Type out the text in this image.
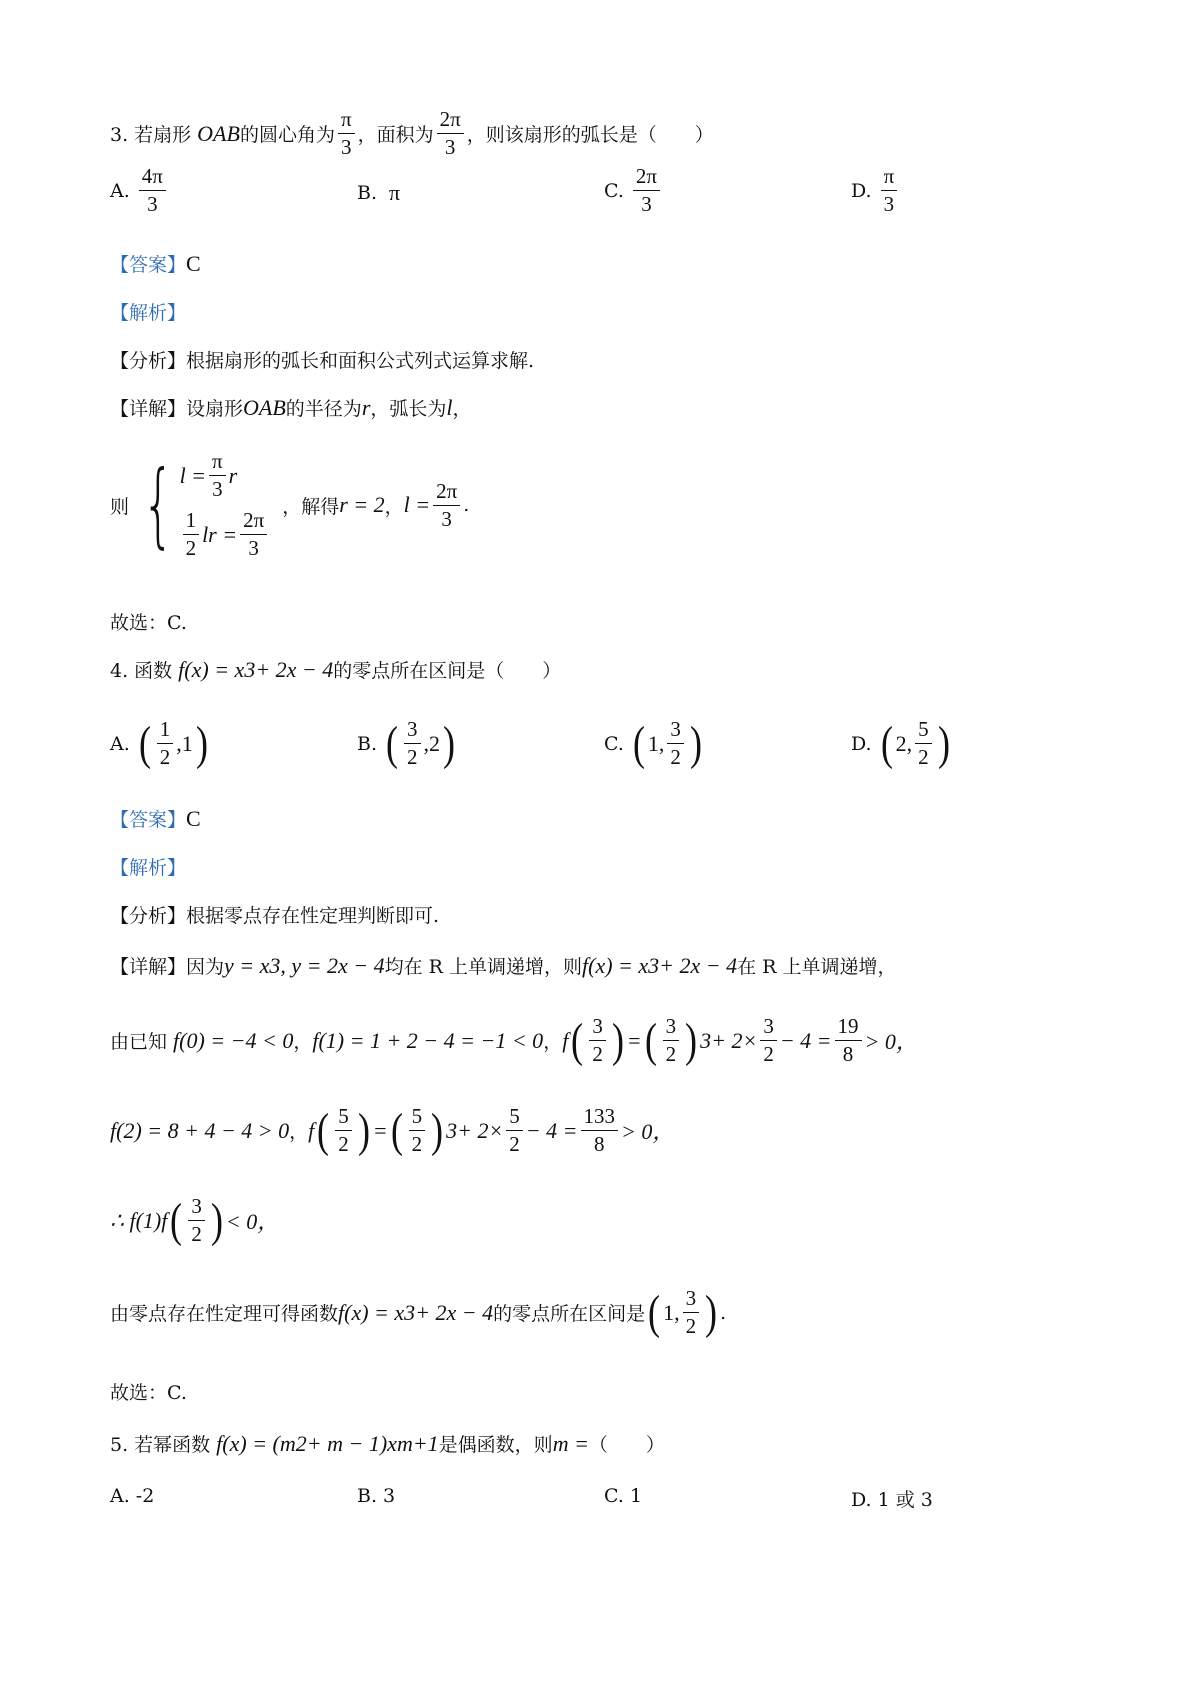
3. 若扇形 OAB 的圆心角为 $\frac{\pi}{3}$ ，面积为 $\frac{2\pi}{3}$ ，则该扇形的弧长是（　　）
A. $\frac{4\pi}{3}$	B. π	C. $\frac{2\pi}{3}$	D. $\frac{\pi}{3}$
【答案】 C
【解析】
【分析】 根据扇形的弧长和面积公式列式运算求解.
【详解】 设扇形 OAB 的半径为 r ，弧长为 l ，
则 { $l = \frac{\pi}{3}$ r
$\frac{1}{2}$ lr = $\frac{2\pi}{3}$
，解得 r = 2 ， $l = \frac{2\pi}{3}$ .
故选：C.
4. 函数 f(x) = x 3 + 2x − 4 的零点所在区间是（　　）
A. ( $\frac{1}{2} ,1$ )	B. ( $\frac{3}{2} ,2$ )	C. ( 1, $\frac{3}{2}$ )	D. ( 2, $\frac{5}{2}$ )
【答案】 C
【解析】
【分析】 根据零点存在性定理判断即可.
【详解】 因为 y = x 3 , y = 2x − 4 均在 R 上单调递增，则 f(x) = x 3 + 2x − 4 在 R 上单调递增，
由已知 f(0) = −4 < 0 ， f(1) = 1 + 2 − 4 = −1 < 0 ， f ( $\frac{3}{2}$ ) = ( $\frac{3}{2}$ ) $3 + 2\times \frac{3}{2} - 4 = \frac{19}{8} > 0$，
f(2) = 8 + 4 − 4 > 0 ， f ( $\frac{5}{2}$ ) = ( $\frac{5}{2}$ ) $3 + 2\times \frac{5}{2} - 4 = \frac{133}{8} > 0$，
∴ f(1)f ( $\frac{3}{2}$ ) < 0，
由零点存在性定理可得函数 f(x) = x 3 + 2x − 4 的零点所在区间是 ( 1, $\frac{3}{2}$ ) .
故选：C.
5. 若幂函数 f(x) = (m 2 + m − 1)x m+1 是偶函数，则 m = （　　）
A. -2	B. 3	C. 1	D. 1 或 3
